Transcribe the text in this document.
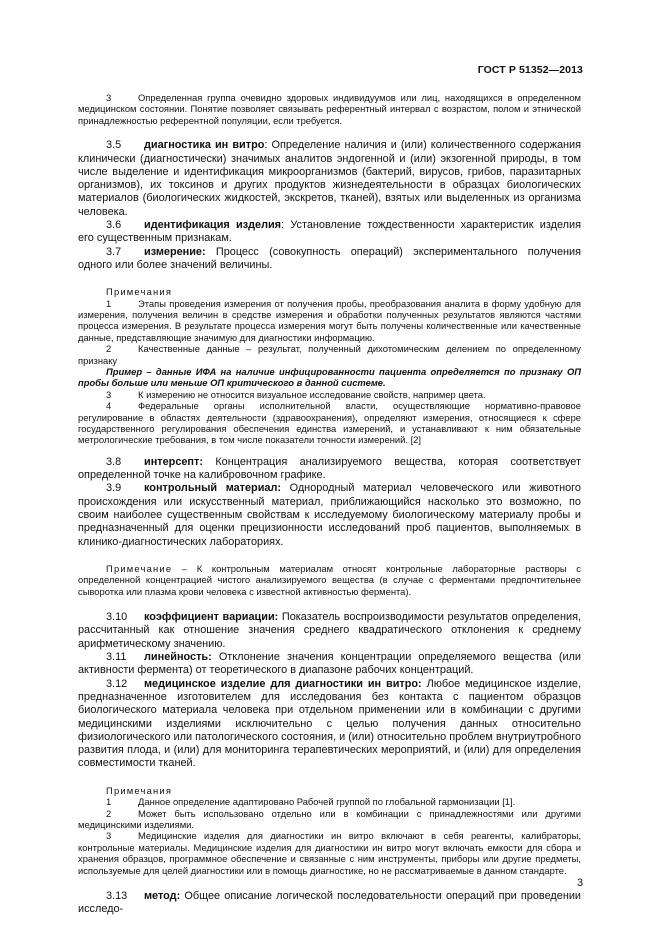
ГОСТ Р 51352—2013

3	Определенная группа очевидно здоровых индивидуумов или лиц, находящихся в определенном медицинском состоянии. Понятие позволяет связывать референтный интервал с возрастом, полом и этнической принадлежностью референтной популяции, если требуется.

3.5 диагностика ин витро: Определение наличия и (или) количественного содержания клинически (диагностически) значимых аналитов эндогенной и (или) экзогенной природы, в том числе выделение и идентификация микроорганизмов (бактерий, вирусов, грибов, паразитарных организмов), их токсинов и других продуктов жизнедеятельности в образцах биологических материалов (биологических жидкостей, экскретов, тканей), взятых или выделенных из организма человека.

3.6 идентификация изделия: Установление тождественности характеристик изделия его существенным признакам.

3.7 измерение: Процесс (совокупность операций) экспериментального получения одного или более значений величины.

Примечания

1	Этапы проведения измерения от получения пробы, преобразования аналита в форму удобную для измерения, получения величин в средстве измерения и обработки полученных результатов являются частями процесса измерения. В результате процесса измерения могут быть получены количественные или качественные данные, представляющие значимую для диагностики информацию.

2	Качественные данные – результат, полученный дихотомическим делением по определенному признаку

Пример – данные ИФА на наличие инфицированности пациента определяется по признаку ОП пробы больше или меньше ОП критического в данной системе.

3	К измерению не относится визуальное исследование свойств, например цвета.

4	Федеральные органы исполнительной власти, осуществляющие нормативно-правовое регулирование в областях деятельности (здравоохранения), определяют измерения, относящиеся к сфере государственного регулирования обеспечения единства измерений, и устанавливают к ним обязательные метрологические требования, в том числе показатели точности измерений. [2]

3.8 интерсепт: Концентрация анализируемого вещества, которая соответствует определенной точке на калибровочном графике.

3.9 контрольный материал: Однородный материал человеческого или животного происхождения или искусственный материал, приближающийся насколько это возможно, по своим наиболее существенным свойствам к исследуемому биологическому материалу пробы и предназначенный для оценки прецизионности исследований проб пациентов, выполняемых в клинико-диагностических лабораториях.

Примечание – К контрольным материалам относят контрольные лабораторные растворы с определенной концентрацией чистого анализируемого вещества (в случае с ферментами предпочтительнее сыворотка или плазма крови человека с известной активностью фермента).

3.10 коэффициент вариации: Показатель воспроизводимости результатов определения, рассчитанный как отношение значения среднего квадратического отклонения к среднему арифметическому значению.

3.11 линейность: Отклонение значения концентрации определяемого вещества (или активности фермента) от теоретического в диапазоне рабочих концентраций.

3.12 медицинское изделие для диагностики ин витро: Любое медицинское изделие, предназначенное изготовителем для исследования без контакта с пациентом образцов биологического материала человека при отдельном применении или в комбинации с другими медицинскими изделиями исключительно с целью получения данных относительно физиологического или патологического состояния, и (или) относительно проблем внутриутробного развития плода, и (или) для мониторинга терапевтических мероприятий, и (или) для определения совместимости тканей.

Примечания

1	Данное определение адаптировано Рабочей группой по глобальной гармонизации [1].

2	Может быть использовано отдельно или в комбинации с принадлежностями или другими медицинскими изделиями.

3	Медицинские изделия для диагностики ин витро включают в себя реагенты, калибраторы, контрольные материалы. Медицинские изделия для диагностики ин витро могут включать емкости для сбора и хранения образцов, программное обеспечение и связанные с ним инструменты, приборы или другие предметы, используемые для целей диагностики или в помощь диагностике, но не рассматриваемые в данном стандарте.

3.13 метод: Общее описание логической последовательности операций при проведении исследо-

3
